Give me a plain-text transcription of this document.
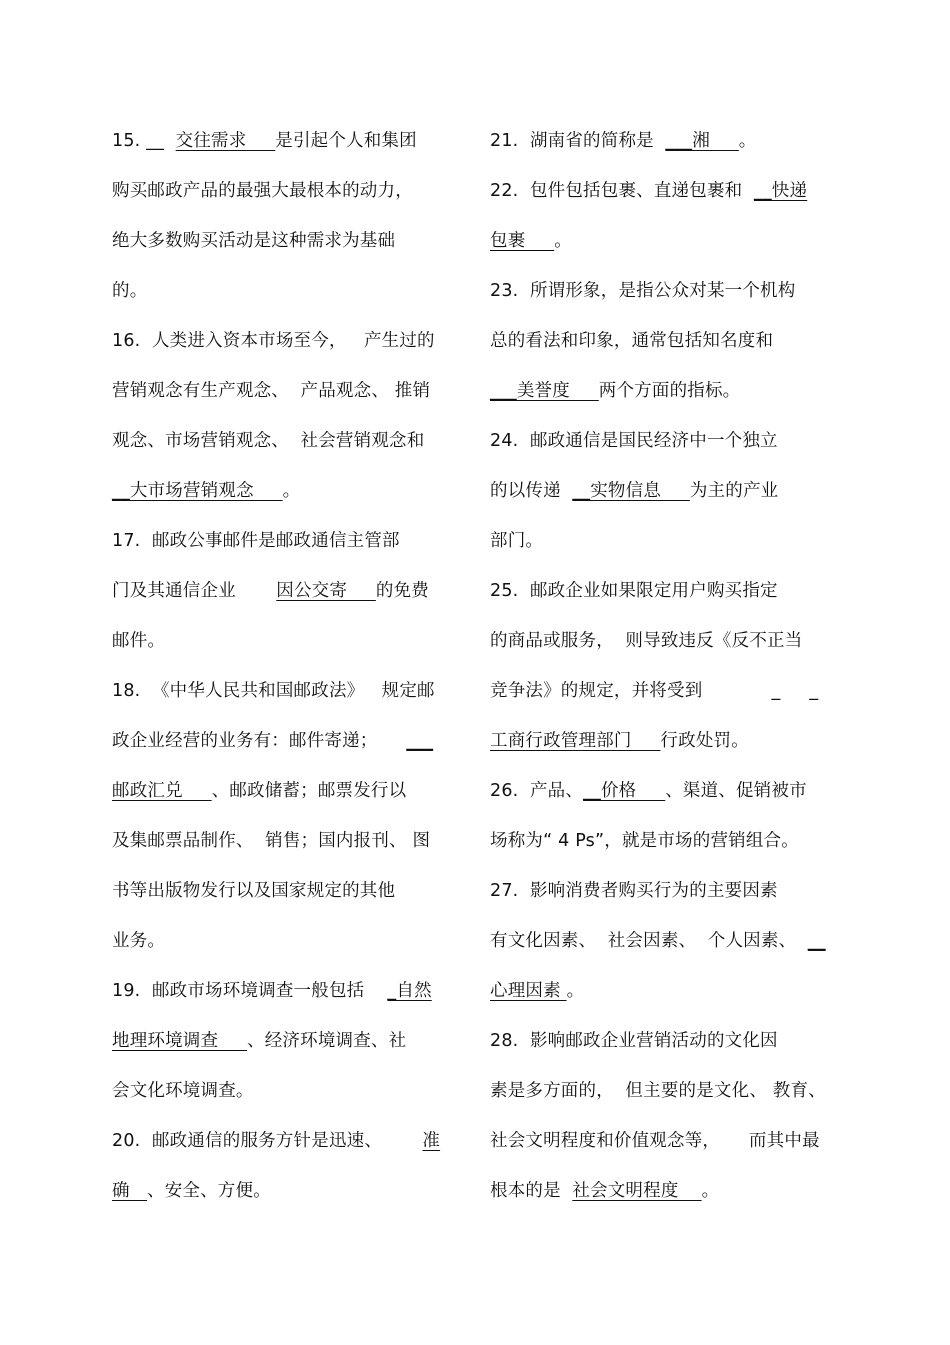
15. __  交往需求     是引起个人和集团
购买邮政产品的最强大最根本的动力，
绝大多数购买活动是这种需求为基础
的。
16.  人类进入资本市场至今，   产生过的
营销观念有生产观念、  产品观念、 推销
观念、市场营销观念、  社会营销观念和
__大市场营销观念     。
17.  邮政公事邮件是邮政通信主管部
门及其通信企业       因公交寄     的免费
邮件。
18.  《中华人民共和国邮政法》   规定邮
政企业经营的业务有：邮件寄递；     ___
邮政汇兑     、邮政储蓄；邮票发行以
及集邮票品制作、  销售；国内报刊、 图
书等出版物发行以及国家规定的其他
业务。
19.  邮政市场环境调查一般包括    _自然
地理环境调查     、经济环境调查、社
会文化环境调查。
20.  邮政通信的服务方针是迅速、       准
确   、安全、方便。
21.  湖南省的简称是  ___湘     。
22.  包件包括包裹、直递包裹和  __快递
包裹     。
23.  所谓形象，是指公众对某一个机构
总的看法和印象，通常包括知名度和
___美誉度     两个方面的指标。
24.  邮政通信是国民经济中一个独立
的以传递  __实物信息     为主的产业
部门。
25.  邮政企业如果限定用户购买指定
的商品或服务，  则导致违反《反不正当
竞争法》的规定，并将受到            _     _
工商行政管理部门     行政处罚。
26.  产品、__价格     、渠道、促销被市
场称为“ 4 Ps”，就是市场的营销组合。
27.  影响消费者购买行为的主要因素
有文化因素、  社会因素、  个人因素、  __
心理因素 。
28.  影响邮政企业营销活动的文化因
素是多方面的，  但主要的是文化、 教育、
社会文明程度和价值观念等，     而其中最
根本的是  社会文明程度    。
